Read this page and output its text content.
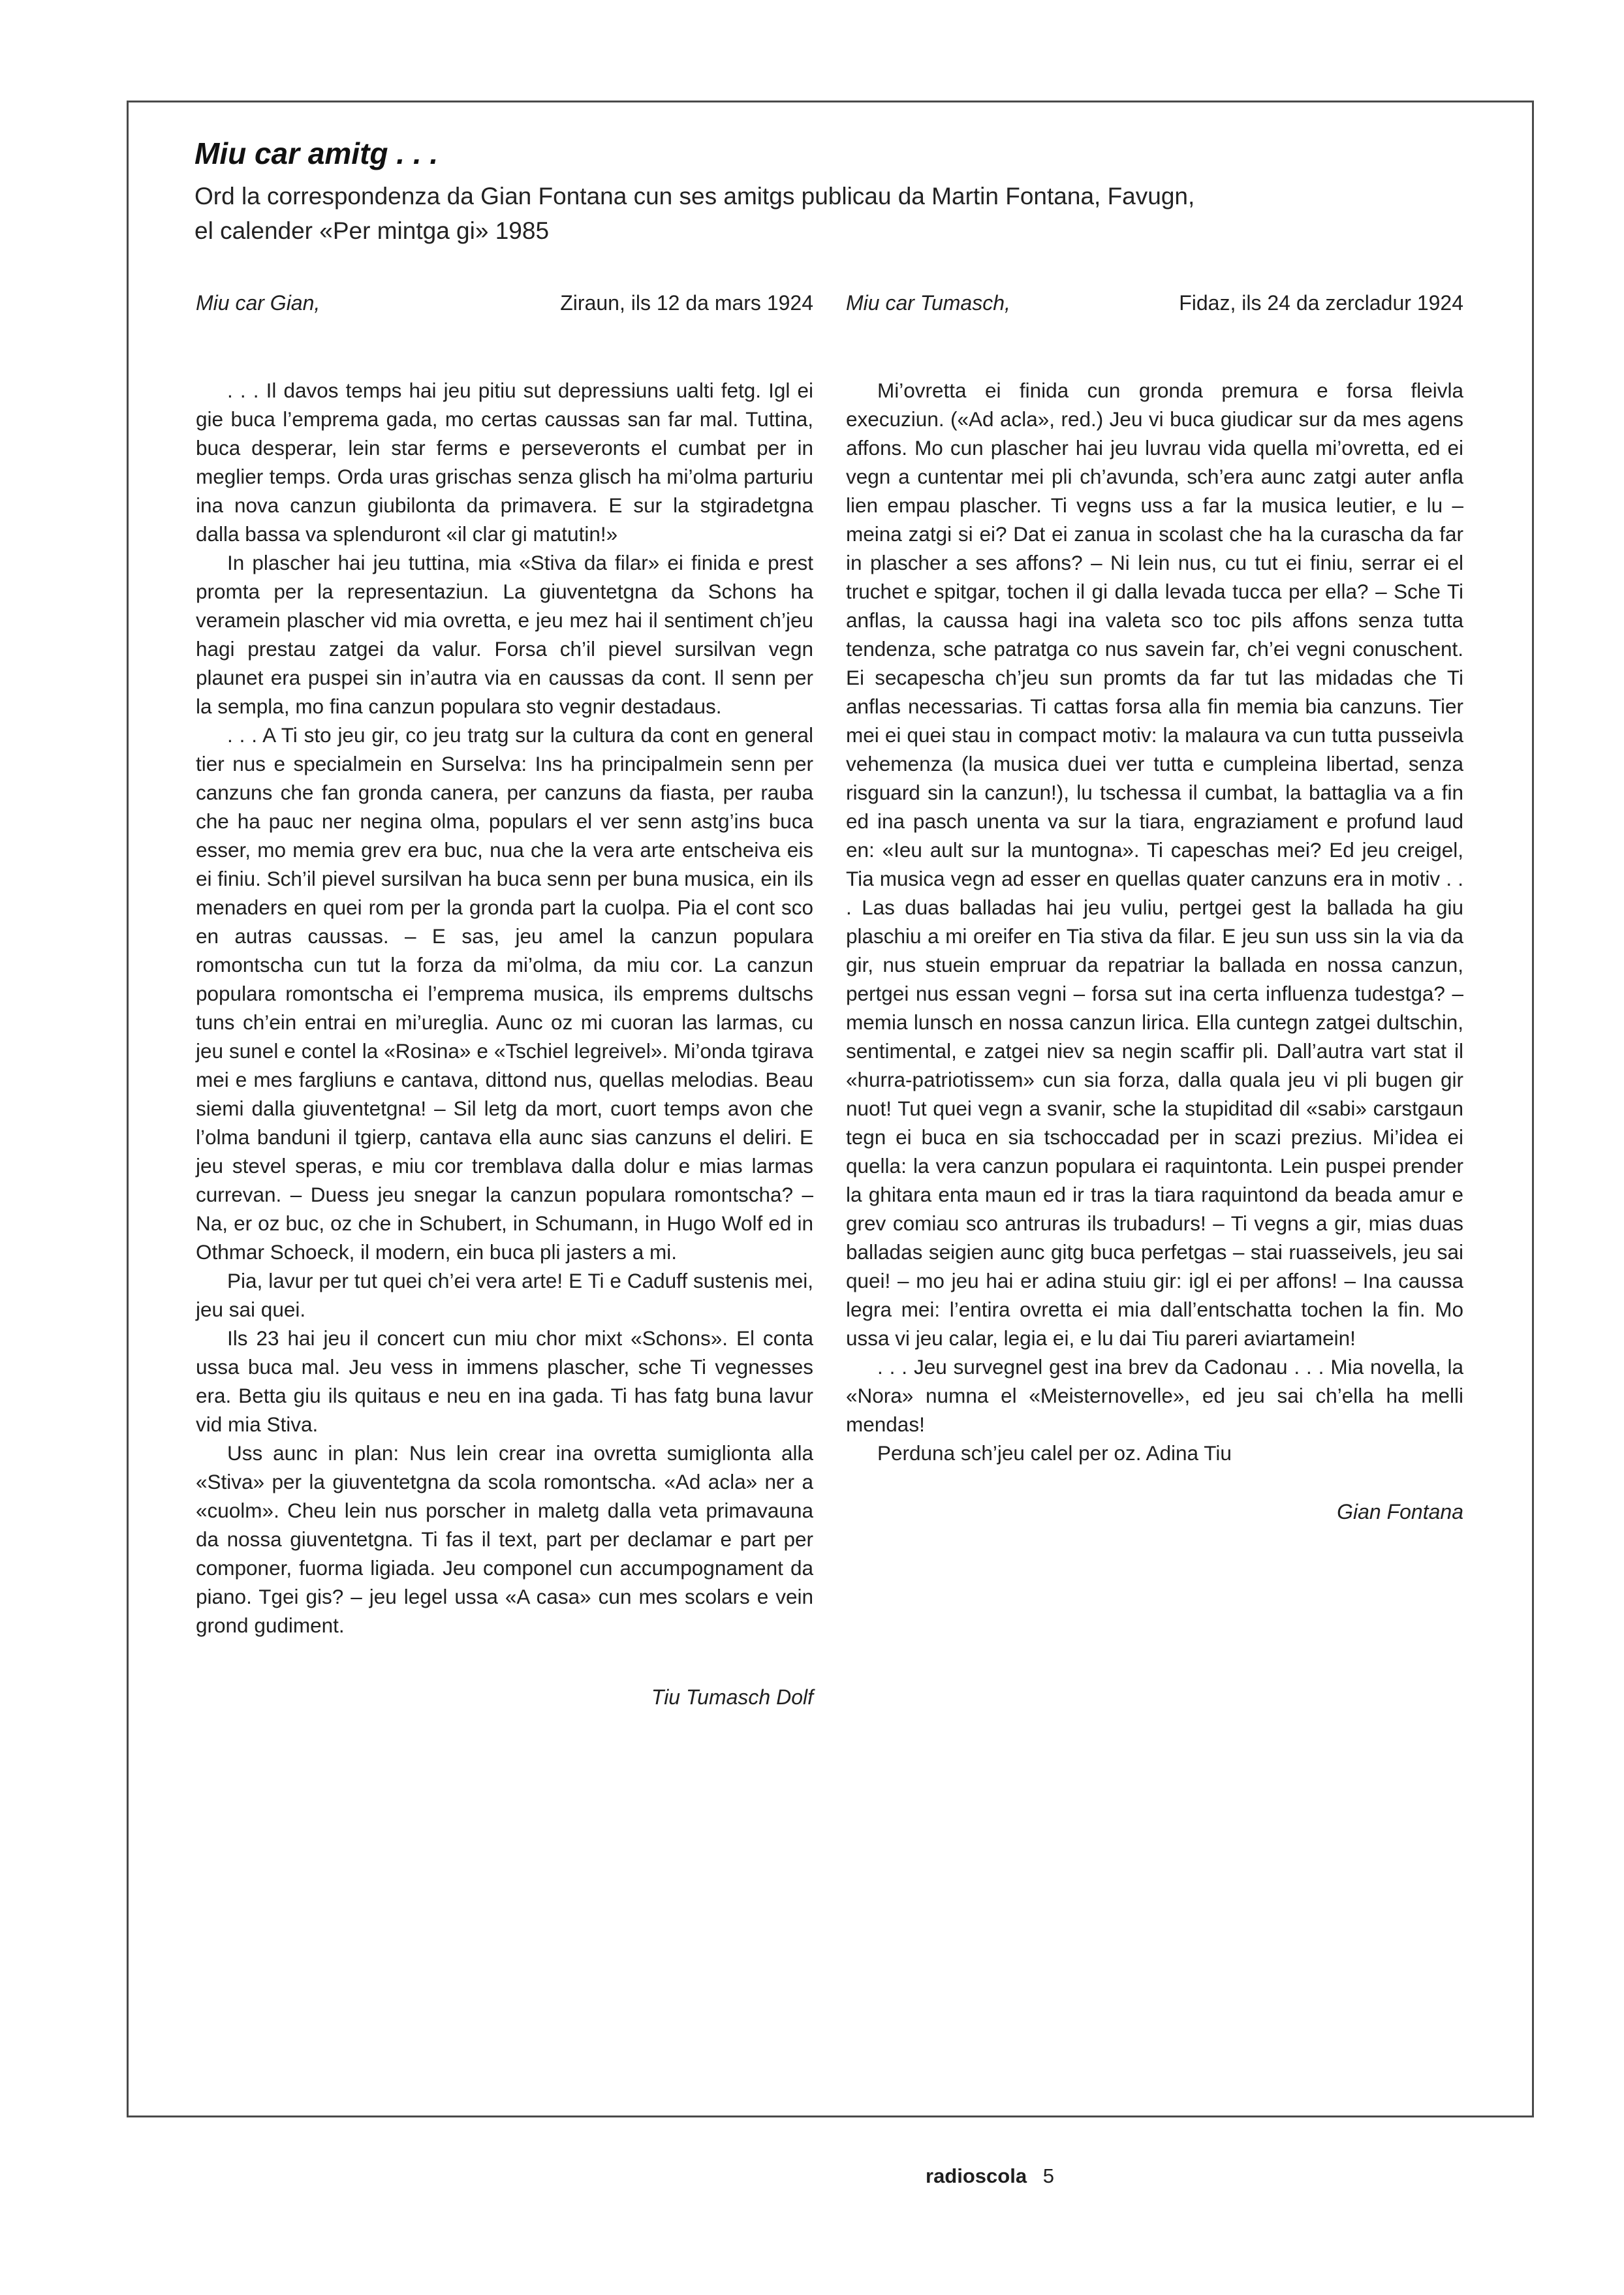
Miu car amitg . . .
Ord la correspondenza da Gian Fontana cun ses amitgs publicau da Martin Fontana, Favugn,
el calender «Per mintga gi» 1985
Miu car Gian,	Ziraun, ils 12 da mars 1924

. . . Il davos temps hai jeu pitiu sut depressiuns ualti fetg. Igl ei gie buca l’emprema gada, mo certas caussas san far mal. Tuttina, buca desperar, lein star ferms e perseveronts el cumbat per in meglier temps. Orda uras grischas senza glisch ha mi’olma parturiu ina nova canzun giubilonta da primavera. E sur la stgiradetgna dalla bassa va splenduront «il clar gi matutin!»

In plascher hai jeu tuttina, mia «Stiva da filar» ei finida e prest promta per la representaziun. La giuventetgna da Schons ha veramein plascher vid mia ovretta, e jeu mez hai il sentiment ch’jeu hagi prestau zatgei da valur. Forsa ch’il pievel sursilvan vegn plaunet era puspei sin in’autra via en caussas da cont. Il senn per la sempla, mo fina canzun populara sto vegnir destadaus.

. . . A Ti sto jeu gir, co jeu tratg sur la cultura da cont en general tier nus e specialmein en Surselva: Ins ha principalmein senn per canzuns che fan gronda canera, per canzuns da fiasta, per rauba che ha pauc ner negina olma, populars el ver senn astg’ins buca esser, mo memia grev era buc, nua che la vera arte entscheiva eis ei finiu. Sch’il pievel sursilvan ha buca senn per buna musica, ein ils menaders en quei rom per la gronda part la cuolpa. Pia el cont sco en autras caussas. – E sas, jeu amel la canzun populara romontscha cun tut la forza da mi’olma, da miu cor. La canzun populara romontscha ei l’emprema musica, ils emprems dultschs tuns ch’ein entrai en mi’ureglia. Aunc oz mi cuoran las larmas, cu jeu sunel e contel la «Rosina» e «Tschiel legreivel». Mi’onda tgirava mei e mes fargliuns e cantava, dittond nus, quellas melodias. Beau siemi dalla giuventetgna! – Sil letg da mort, cuort temps avon che l’olma banduni il tgierp, cantava ella aunc sias canzuns el deliri. E jeu stevel speras, e miu cor tremblava dalla dolur e mias larmas currevan. – Duess jeu snegar la canzun populara romontscha? – Na, er oz buc, oz che in Schubert, in Schumann, in Hugo Wolf ed in Othmar Schoeck, il modern, ein buca pli jasters a mi.

Pia, lavur per tut quei ch’ei vera arte! E Ti e Caduff sustenis mei, jeu sai quei.

Ils 23 hai jeu il concert cun miu chor mixt «Schons». El conta ussa buca mal. Jeu vess in immens plascher, sche Ti vegnesses era. Betta giu ils quitaus e neu en ina gada. Ti has fatg buna lavur vid mia Stiva.

Uss aunc in plan: Nus lein crear ina ovretta sumiglionta alla «Stiva» per la giuventetgna da scola romontscha. «Ad acla» ner a «cuolm». Cheu lein nus porscher in maletg dalla veta primavauna da nossa giuventetgna. Ti fas il text, part per declamar e part per componer, fuorma ligiada. Jeu componel cun accumpognament da piano. Tgei gis? – jeu legel ussa «A casa» cun mes scolars e vein grond gudiment.

Tiu Tumasch Dolf
Miu car Tumasch,	Fidaz, ils 24 da zercladur 1924

Mi’ovretta ei finida cun gronda premura e forsa fleivla execuziun. («Ad acla», red.) Jeu vi buca giudicar sur da mes agens affons. Mo cun plascher hai jeu luvrau vida quella mi’ovretta, ed ei vegn a cuntentar mei pli ch’avunda, sch’era aunc zatgi auter anfla lien empau plascher. Ti vegns uss a far la musica leutier, e lu – meina zatgi si ei? Dat ei zanua in scolast che ha la curascha da far in plascher a ses affons? – Ni lein nus, cu tut ei finiu, serrar ei el truchet e spitgar, tochen il gi dalla levada tucca per ella? – Sche Ti anflas, la caussa hagi ina valeta sco toc pils affons senza tutta tendenza, sche patratga co nus savein far, ch’ei vegni conuschent. Ei secapescha ch’jeu sun promts da far tut las midadas che Ti anflas necessarias. Ti cattas forsa alla fin memia bia canzuns. Tier mei ei quei stau in compact motiv: la malaura va cun tutta pusseivla vehemenza (la musica duei ver tutta e cumpleina libertad, senza risguard sin la canzun!), lu tschessa il cumbat, la battaglia va a fin ed ina pasch unenta va sur la tiara, engraziament e profund laud en: «Ieu ault sur la muntogna». Ti capeschas mei? Ed jeu creigel, Tia musica vegn ad esser en quellas quater canzuns era in motiv . . . Las duas balladas hai jeu vuliu, pertgei gest la ballada ha giu plaschiu a mi oreifer en Tia stiva da filar. E jeu sun uss sin la via da gir, nus stuein empruar da repatriar la ballada en nossa canzun, pertgei nus essan vegni – forsa sut ina certa influenza tudestga? – memia lunsch en nossa canzun lirica. Ella cuntegn zatgei dultschin, sentimental, e zatgei niev sa negin scaffir pli. Dall’autra vart stat il «hurra-patriotissem» cun sia forza, dalla quala jeu vi pli bugen gir nuot! Tut quei vegn a svanir, sche la stupiditad dil «sabi» carstgaun tegn ei buca en sia tschoccadad per in scazi prezius. Mi’idea ei quella: la vera canzun populara ei raquintonta. Lein puspei prender la ghitara enta maun ed ir tras la tiara raquintond da beada amur e grev comiau sco antruras ils trubadurs! – Ti vegns a gir, mias duas balladas seigien aunc gitg buca perfetgas – stai ruasseivels, jeu sai quei! – mo jeu hai er adina stuiu gir: igl ei per affons! – Ina caussa legra mei: l’entira ovretta ei mia dall’entschatta tochen la fin. Mo ussa vi jeu calar, legia ei, e lu dai Tiu pareri aviartamein!

. . . Jeu survegnel gest ina brev da Cadonau . . . Mia novella, la «Nora» numna el «Meisternovelle», ed jeu sai ch’ella ha melli mendas!

Perduna sch’jeu calel per oz. Adina Tiu

Gian Fontana
radioscola 5
